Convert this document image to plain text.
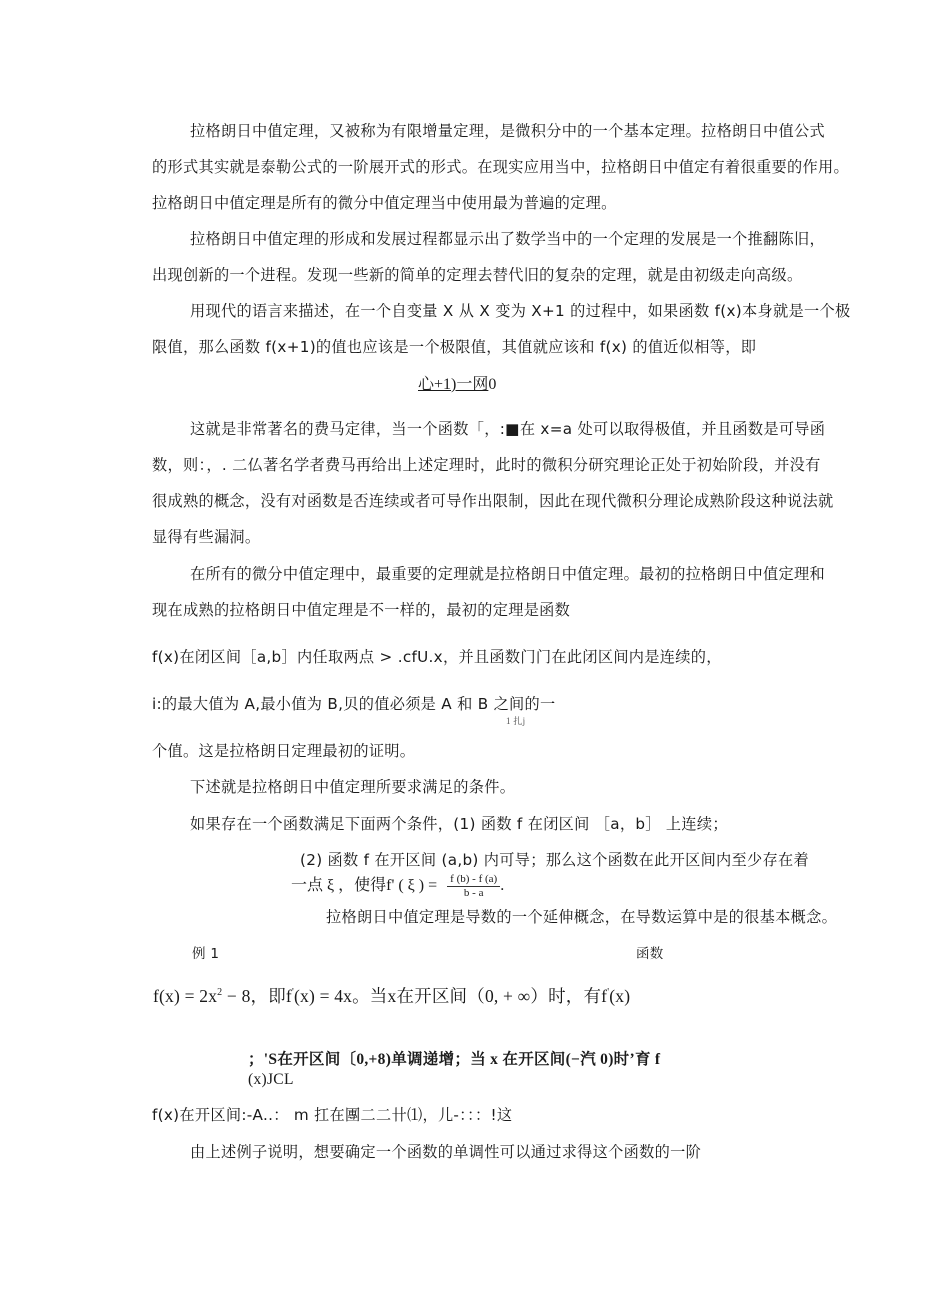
拉格朗日中值定理，又被称为有限增量定理，是微积分中的一个基本定理。拉格朗日中值公式
的形式其实就是泰勒公式的一阶展开式的形式。在现实应用当中，拉格朗日中值定有着很重要的作用。
拉格朗日中值定理是所有的微分中值定理当中使用最为普遍的定理。
拉格朗日中值定理的形成和发展过程都显示出了数学当中的一个定理的发展是一个推翻陈旧，
出现创新的一个进程。发现一些新的简单的定理去替代旧的复杂的定理，就是由初级走向高级。
用现代的语言来描述，在一个自变量 X 从 X 变为 X+1 的过程中，如果函数 f(x)本身就是一个极
限值，那么函数 f(x+1)的值也应该是一个极限值，其值就应该和 f(x) 的值近似相等，即
心+1)一网0
这就是非常著名的费马定律，当一个函数「，:■在 x=a 处可以取得极值，并且函数是可导函
数，则：，. 二仏著名学者费马再给出上述定理时，此时的微积分研究理论正处于初始阶段，并没有
很成熟的概念，没有对函数是否连续或者可导作出限制，因此在现代微积分理论成熟阶段这种说法就
显得有些漏洞。
在所有的微分中值定理中，最重要的定理就是拉格朗日中值定理。最初的拉格朗日中值定理和
现在成熟的拉格朗日中值定理是不一样的，最初的定理是函数
f(x)在闭区间［a,b］内任取两点 > .cfU.x，并且函数门门在此闭区间内是连续的，
i:的最大值为 A,最小值为 B,贝的值必须是 A 和 B 之间的一
1 扎j
个值。这是拉格朗日定理最初的证明。
下述就是拉格朗日中值定理所要求满足的条件。
如果存在一个函数满足下面两个条件，(1) 函数 f 在闭区间 ［a，b］ 上连续；
(2) 函数 f 在开区间 (a,b) 内可导；那么这个函数在此开区间内至少存在着
一点 ξ ，使得f' ( ξ ) = $\frac{f (b) - f (a)}{b - a}$ .
拉格朗日中值定理是导数的一个延伸概念，在导数运算中是的很基本概念。
例 1	函数
$f(x) = 2x^2 - 8$，即f'(x) = 4x。当x在开区间（0, + ∞）时，有f'(x)
；'S在开区间〔0,+8)单调递增；当 x 在开区间(−汽 0)时’育 f
(x)JCL
f(x)在开区间:-A..： m 扛在團二二卄⑴，儿-：：：!这
由上述例子说明，想要确定一个函数的单调性可以通过求得这个函数的一阶
